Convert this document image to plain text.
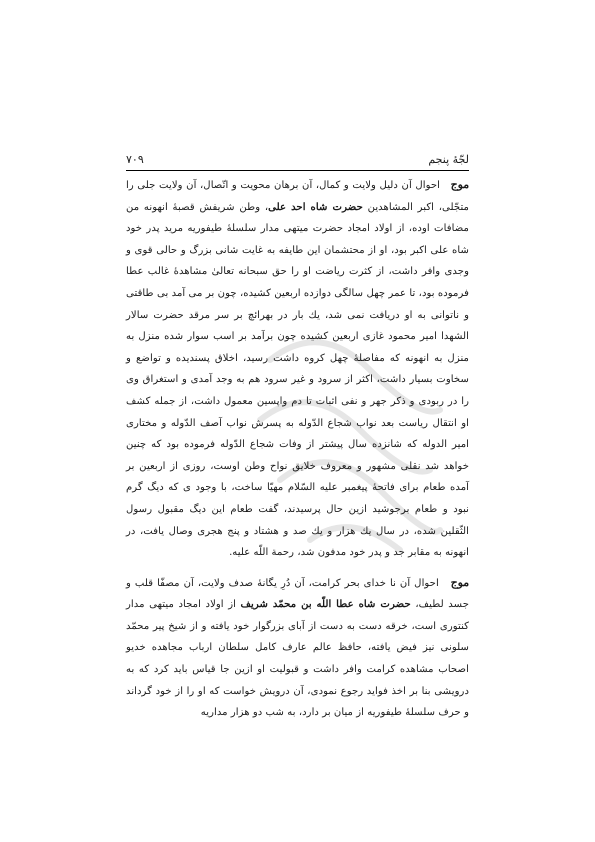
لجّهٔ پنجم
۷۰۹

موج   احوال آن دلیل ولایت و کمال، آن برهان محویت و اتّصال، آن ولایت جلی را متجّلی، اکبر المشاهدین حضرت شاه احد علی، وطن شریفش قصبهٔ انهونه من مضافات اوده، از اولاد امجاد حضرت میتهی مدار سلسلهٔ طیفوریه مرید پدر خود شاه علی اکبر بود، او از محتشمان این طایفه به غایت شانی بزرگ و حالی قوی و وجدی وافر داشت، از کثرت ریاضت او را حق سبحانه تعالیٰ مشاهدهٔ غالب عطا فرموده بود، تا عمر چهل سالگی دوازده اربعین کشیده، چون بر می آمد بی طاقتی و ناتوانی به او دریافت نمی شد، یك بار در بهرائچ بر سر مرقد حضرت سالار الشهدا امیر محمود غازی اربعین کشیده چون برآمد بر اسب سوار شده منزل به منزل به انهونه که مفاصلهٔ چهل کروه داشت رسید، اخلاق پسندیده و تواضع و سخاوت بسیار داشت، اکثر از سرود و غیر سرود هم به وجد آمدی و استغراق وی را در ربودی و ذکر جهر و نفی اثبات تا دم واپسین معمول داشت، از جمله کشف او انتقال ریاست بعد نواب شجاع الدّوله به پسرش نواب آصف الدّوله و مختاری امیر الدوله که شانزده سال پیشتر از وفات شجاع الدّوله فرموده بود که چنین خواهد شد نقلی مشهور و معروف خلایق نواح وطن اوست، روزی از اربعین بر آمده طعام برای فاتحهٔ پیغمبر علیه السّلام مهیّا ساخت، با وجود ی که دیگ گرم نبود و طعام برجوشید ازین حال پرسیدند، گفت طعام این دیگ مقبول رسول الثّقلین شده، در سال یك هزار و یك صد و هشتاد و پنج هجری وصال یافت، در انهونه به مقابر جد و پدر خود مدفون شد، رحمة اللّه علیه.

موج   احوال آن نا خدای بحر کرامت، آن دُرِ یگانهٔ صدف ولایت، آن مصفّا قلب و جسد لطیف، حضرت شاه عطا اللّه بن محمّد شریف از اولاد امجاد میتهی مدار کنتوری است، خرقه دست به دست از آبای بزرگوار خود یافته و از شیخ پیر محمّد سلونی نیز فیض یافته، حافظ عالم عارف کامل سلطان ارباب مجاهده خدیو اصحاب مشاهده کرامت وافر داشت و قبولیت او ازین جا قیاس باید کرد که به درویشی بنا بر اخذ فواید رجوع نمودی، آن درویش خواست که او را از خود گرداند و حرف سلسلهٔ طیفوریه از میان بر دارد، به شب دو هزار مداریه
